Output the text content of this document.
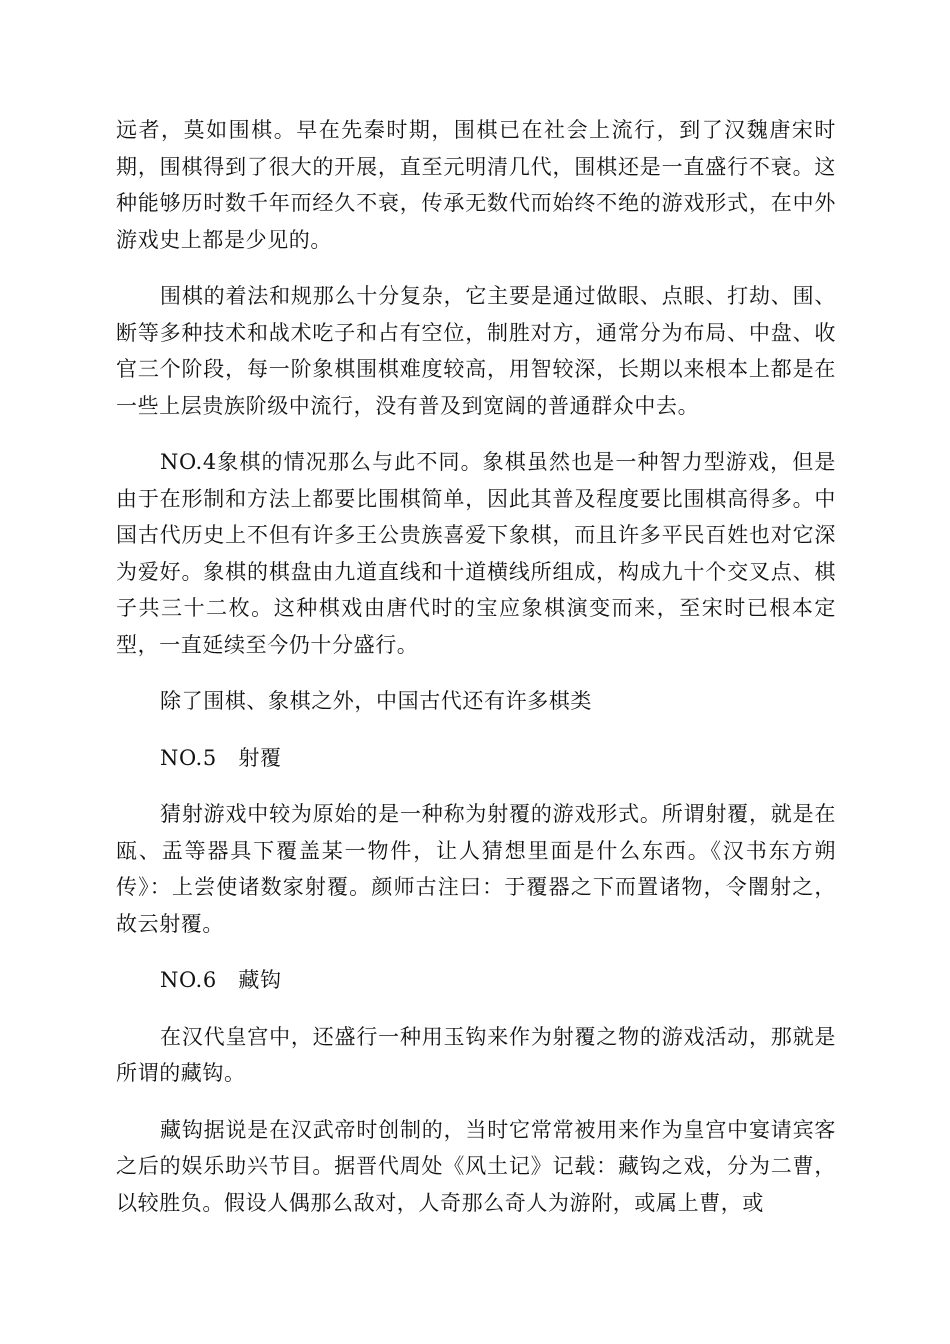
远者，莫如围棋。早在先秦时期，围棋已在社会上流行，到了汉魏唐宋时期，围棋得到了很大的开展，直至元明清几代，围棋还是一直盛行不衰。这种能够历时数千年而经久不衰，传承无数代而始终不绝的游戏形式，在中外游戏史上都是少见的。

围棋的着法和规那么十分复杂，它主要是通过做眼、点眼、打劫、围、断等多种技术和战术吃子和占有空位，制胜对方，通常分为布局、中盘、收官三个阶段，每一阶象棋围棋难度较高，用智较深，长期以来根本上都是在一些上层贵族阶级中流行，没有普及到宽阔的普通群众中去。

NO.4象棋的情况那么与此不同。象棋虽然也是一种智力型游戏，但是由于在形制和方法上都要比围棋简单，因此其普及程度要比围棋高得多。中国古代历史上不但有许多王公贵族喜爱下象棋，而且许多平民百姓也对它深为爱好。象棋的棋盘由九道直线和十道横线所组成，构成九十个交叉点、棋子共三十二枚。这种棋戏由唐代时的宝应象棋演变而来，至宋时已根本定型，一直延续至今仍十分盛行。

除了围棋、象棋之外，中国古代还有许多棋类

NO.5　射覆

猜射游戏中较为原始的是一种称为射覆的游戏形式。所谓射覆，就是在瓯、盂等器具下覆盖某一物件，让人猜想里面是什么东西。《汉书东方朔传》：上尝使诸数家射覆。颜师古注曰：于覆器之下而置诸物，令闇射之，故云射覆。

NO.6　藏钩

在汉代皇宫中，还盛行一种用玉钩来作为射覆之物的游戏活动，那就是所谓的藏钩。

藏钩据说是在汉武帝时创制的，当时它常常被用来作为皇宫中宴请宾客之后的娱乐助兴节目。据晋代周处《风土记》记载：藏钩之戏，分为二曹，以较胜负。假设人偶那么敌对，人奇那么奇人为游附，或属上曹，或
